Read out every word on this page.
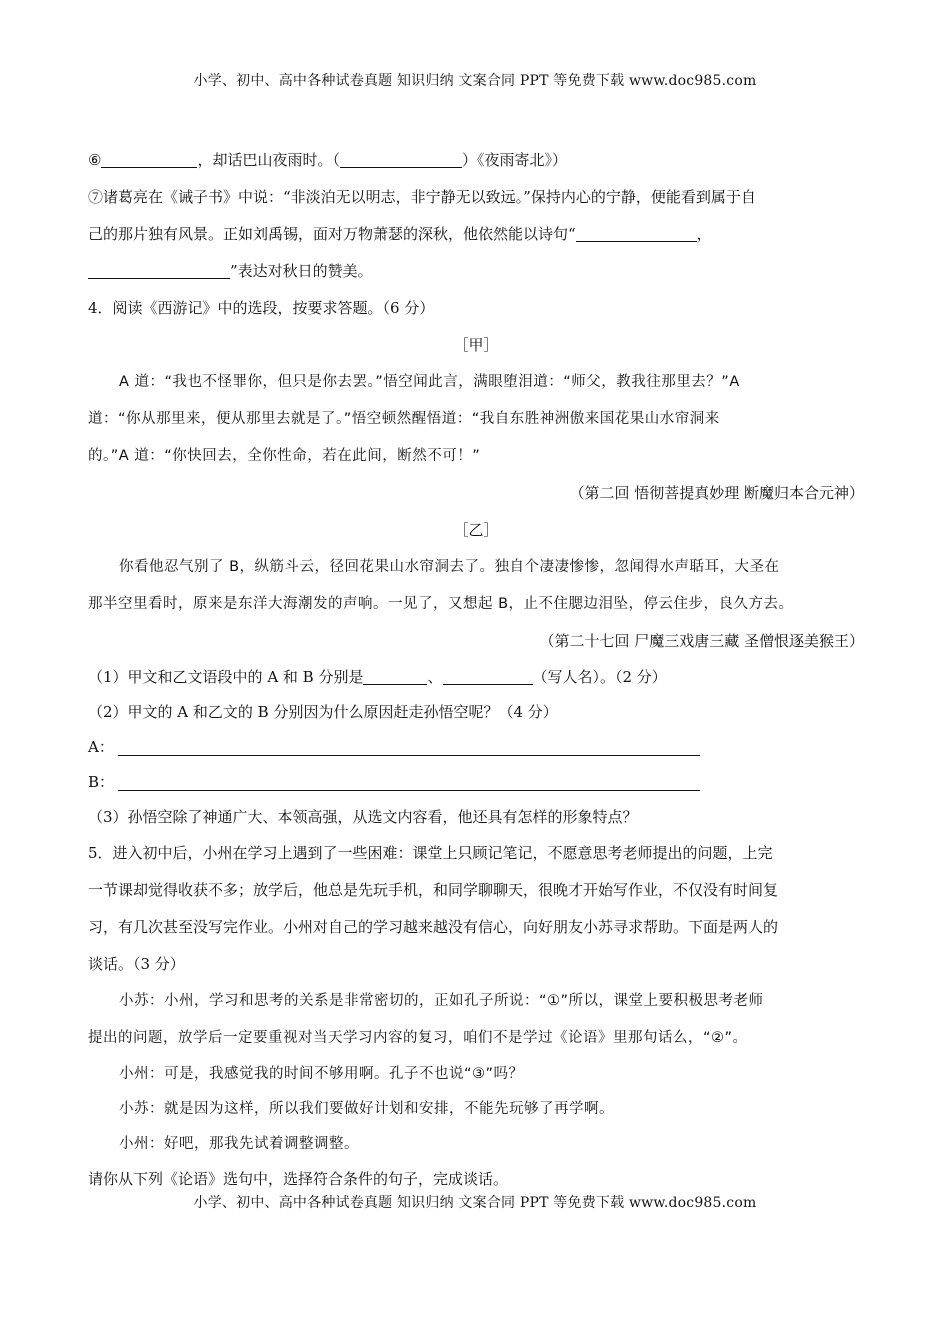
小学、初中、高中各种试卷真题 知识归纳 文案合同 PPT 等免费下载 www.doc985.com
⑥	，却话巴山夜雨时。（	）《夜雨寄北》）
⑦诸葛亮在《诫子书》中说：“非淡泊无以明志，非宁静无以致远。”保持内心的宁静，便能看到属于自
己的那片独有风景。正如刘禹锡，面对万物萧瑟的深秋，他依然能以诗句“	，
”表达对秋日的赞美。
4．阅读《西游记》中的选段，按要求答题。（6 分）
［甲］
A 道：“我也不怪罪你，但只是你去罢。”悟空闻此言，满眼堕泪道：“师父，教我往那里去？”A
道：“你从那里来，便从那里去就是了。”悟空顿然醒悟道：“我自东胜神洲傲来国花果山水帘洞来
的。”A 道：“你快回去，全你性命，若在此间，断然不可！”
（第二回 悟彻菩提真妙理 断魔归本合元神）
［乙］
你看他忍气别了 B，纵筋斗云，径回花果山水帘洞去了。独自个凄凄惨惨，忽闻得水声聒耳，大圣在
那半空里看时，原来是东洋大海潮发的声响。一见了，又想起 B，止不住腮边泪坠，停云住步，良久方去。
（第二十七回 尸魔三戏唐三藏 圣僧恨逐美猴王）
（1）甲文和乙文语段中的 A 和 B 分别是	、	（写人名）。（2 分）
（2）甲文的 A 和乙文的 B 分别因为什么原因赶走孙悟空呢？（4 分）
A：
B：
（3）孙悟空除了神通广大、本领高强，从选文内容看，他还具有怎样的形象特点？
5．进入初中后，小州在学习上遇到了一些困难：课堂上只顾记笔记，不愿意思考老师提出的问题，上完
一节课却觉得收获不多；放学后，他总是先玩手机，和同学聊聊天，很晚才开始写作业，不仅没有时间复
习，有几次甚至没写完作业。小州对自己的学习越来越没有信心，向好朋友小苏寻求帮助。下面是两人的
谈话。（3 分）
小苏：小州，学习和思考的关系是非常密切的，正如孔子所说：“①”所以，课堂上要积极思考老师
提出的问题，放学后一定要重视对当天学习内容的复习，咱们不是学过《论语》里那句话么，“②”。
小州：可是，我感觉我的时间不够用啊。孔子不也说“③”吗？
小苏：就是因为这样，所以我们要做好计划和安排，不能先玩够了再学啊。
小州：好吧，那我先试着调整调整。
请你从下列《论语》选句中，选择符合条件的句子，完成谈话。
小学、初中、高中各种试卷真题 知识归纳 文案合同 PPT 等免费下载 www.doc985.com
